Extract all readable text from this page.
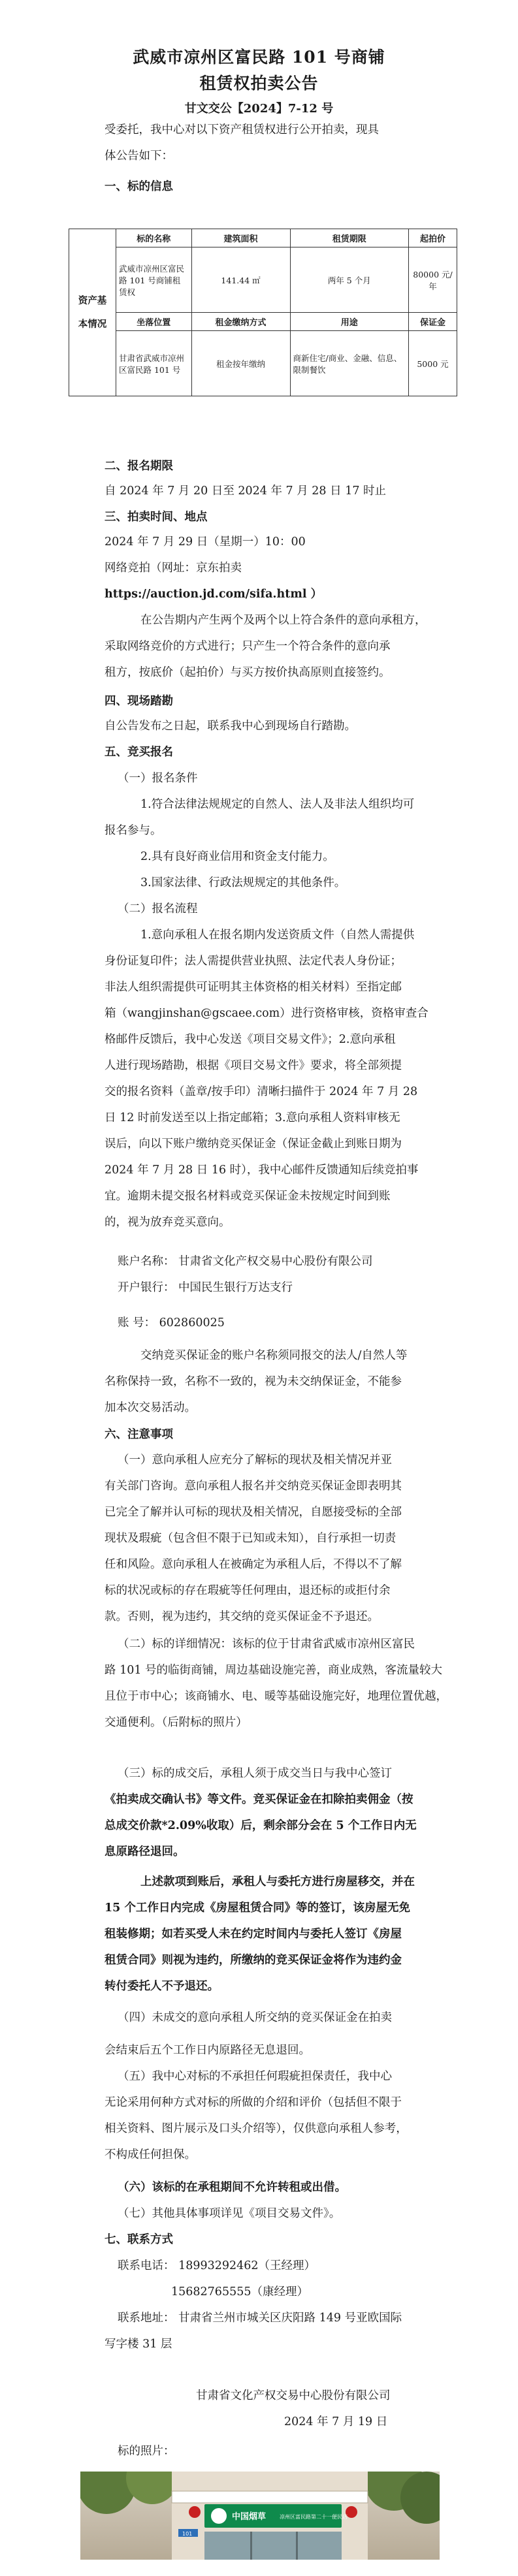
武威市凉州区富民路 101 号商铺
租赁权拍卖公告
甘文交公【2024】7-12 号
受委托，我中心对以下资产租赁权进行公开拍卖，现具
体公告如下：
一、标的信息
资产基
本情况	标的名称	建筑面积	租赁期限	起拍价
	武威市凉州区富民路 101 号商铺租赁权	141.44 ㎡	两年 5 个月	80000 元/年
	坐落位置	租金缴纳方式	用途	保证金
	甘肃省武威市凉州区富民路 101 号	租金按年缴纳	商新住宅/商业、金融、信息、限制餐饮	5000 元
二、报名期限
自 2024 年 7 月 20 日至 2024 年 7 月 28 日 17 时止
三、拍卖时间、地点
2024 年 7 月 29 日（星期一）10：00
网络竞拍（网址：京东拍卖
https://auction.jd.com/sifa.html ）
在公告期内产生两个及两个以上符合条件的意向承租方，
采取网络竞价的方式进行；只产生一个符合条件的意向承
租方，按底价（起拍价）与买方按价执高原则直接签约。
四、现场踏勘
自公告发布之日起，联系我中心到现场自行踏勘。
五、竞买报名
（一）报名条件
1.符合法律法规规定的自然人、法人及非法人组织均可
报名参与。
2.具有良好商业信用和资金支付能力。
3.国家法律、行政法规规定的其他条件。
（二）报名流程
1.意向承租人在报名期内发送资质文件（自然人需提供
身份证复印件；法人需提供营业执照、法定代表人身份证；
非法人组织需提供可证明其主体资格的相关材料）至指定邮
箱（wangjinshan@gscaee.com）进行资格审核，资格审查合
格邮件反馈后，我中心发送《项目交易文件》；2.意向承租
人进行现场踏勘，根据《项目交易文件》要求，将全部须提
交的报名资料（盖章/按手印）清晰扫描件于 2024 年 7 月 28
日 12 时前发送至以上指定邮箱；3.意向承租人资料审核无
误后，向以下账户缴纳竞买保证金（保证金截止到账日期为
2024 年 7 月 28 日 16 时），我中心邮件反馈通知后续竞拍事
宜。逾期未提交报名材料或竞买保证金未按规定时间到账
的，视为放弃竞买意向。
账户名称： 甘肃省文化产权交易中心股份有限公司
开户银行： 中国民生银行万达支行
账 号： 602860025
交纳竞买保证金的账户名称须同报交的法人/自然人等
名称保持一致，名称不一致的，视为未交纳保证金，不能参
加本次交易活动。
六、注意事项
（一）意向承租人应充分了解标的现状及相关情况并亚
有关部门咨询。意向承租人报名并交纳竞买保证金即表明其
已完全了解并认可标的现状及相关情况，自愿接受标的全部
现状及瑕疵（包含但不限于已知或未知），自行承担一切责
任和风险。意向承租人在被确定为承租人后，不得以不了解
标的状况或标的存在瑕疵等任何理由，退还标的或拒付余
款。否则，视为违约，其交纳的竞买保证金不予退还。
（二）标的详细情况：该标的位于甘肃省武威市凉州区富民
路 101 号的临街商铺，周边基础设施完善，商业成熟，客流量较大
且位于市中心；该商铺水、电、暖等基础设施完好，地理位置优越，
交通便利。（后附标的照片）
（三）标的成交后，承租人须于成交当日与我中心签订
《拍卖成交确认书》等文件。竞买保证金在扣除拍卖佣金（按
总成交价款*2.09%收取）后，剩余部分会在 5 个工作日内无
息原路径退回。
上述款项到账后，承租人与委托方进行房屋移交，并在
15 个工作日内完成《房屋租赁合同》等的签订，该房屋无免
租装修期；如若买受人未在约定时间内与委托人签订《房屋
租赁合同》则视为违约，所缴纳的竞买保证金将作为违约金
转付委托人不予退还。
（四）未成交的意向承租人所交纳的竞买保证金在拍卖
会结束后五个工作日内原路径无息退回。
（五）我中心对标的不承担任何瑕疵担保责任，我中心
无论采用何种方式对标的所做的介绍和评价（包括但不限于
相关资料、图片展示及口头介绍等），仅供意向承租人参考，
不构成任何担保。
（六）该标的在承租期间不允许转租或出借。
（七）其他具体事项详见《项目交易文件》。
七、联系方式
联系电话： 18993292462（王经理）
15682765555（康经理）
联系地址： 甘肃省兰州市城关区庆阳路 149 号亚欧国际
写字楼 31 层
甘肃省文化产权交易中心股份有限公司
2024 年 7 月 19 日
标的照片：
中国烟草	凉州区富民路第二十一便民店
101
